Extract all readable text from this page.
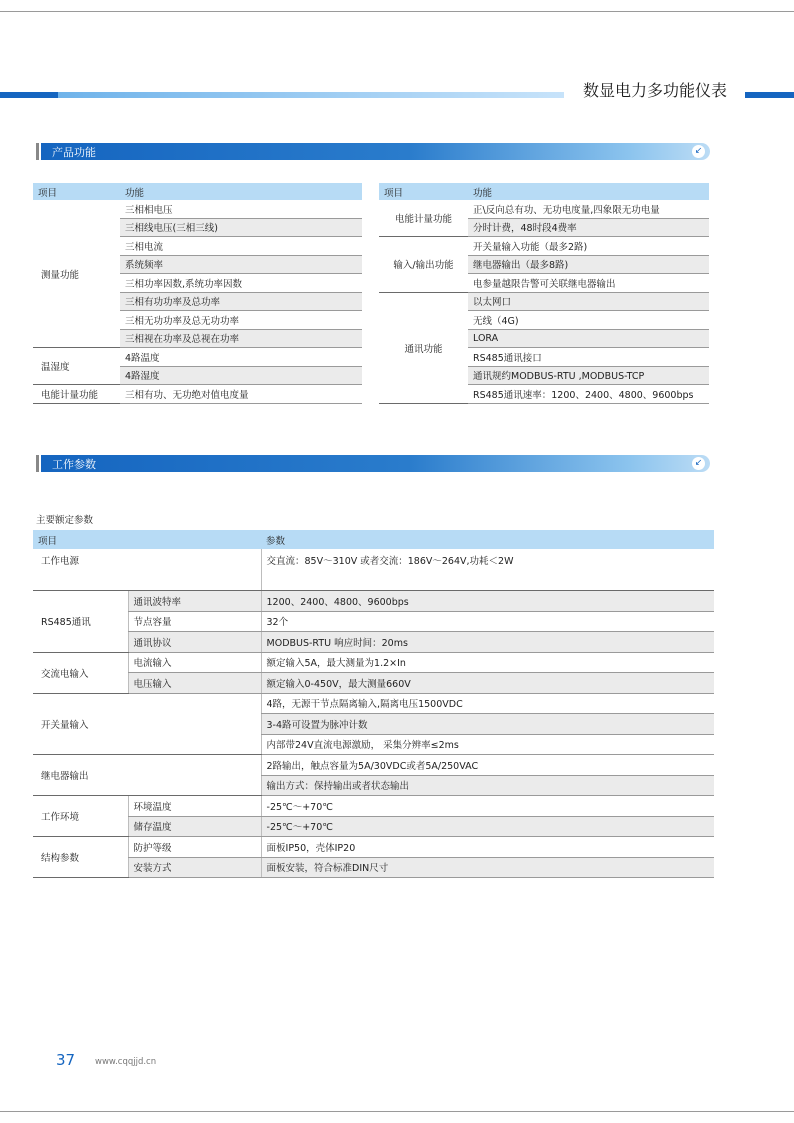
数显电力多功能仪表
产品功能	↙
项目	功能
测量功能	三相相电压
	三相线电压(三相三线)
	三相电流
	系统频率
	三相功率因数,系统功率因数
	三相有功功率及总功率
	三相无功功率及总无功功率
	三相视在功率及总视在功率
温湿度	4路温度
	4路湿度
电能计量功能	三相有功、无功绝对值电度量
项目	功能
电能计量功能	正\反向总有功、无功电度量,四象限无功电量
	分时计费，48时段4费率
输入/输出功能	开关量输入功能（最多2路)
	继电器输出（最多8路)
	电参量越限告警可关联继电器输出
通讯功能	以太网口
	无线（4G)
	LORA
	RS485通讯接口
	通讯规约MODBUS-RTU ,MODBUS-TCP
	RS485通讯速率：1200、2400、4800、9600bps
工作参数	↙
主要额定参数
项目		参数
工作电源		交直流：85V～310V 或者交流：186V～264V,功耗＜2W
RS485通讯	通讯波特率	1200、2400、4800、9600bps
	节点容量	32个
	通讯协议	MODBUS-RTU 响应时间：20ms
交流电输入	电流输入	额定输入5A，最大测量为1.2×In
	电压输入	额定输入0-450V，最大测量660V
开关量输入		4路，无源干节点隔离输入,隔离电压1500VDC
		3-4路可设置为脉冲计数
		内部带24V直流电源激励， 采集分辨率≤2ms
继电器输出		2路输出，触点容量为5A/30VDC或者5A/250VAC
		输出方式：保持输出或者状态输出
工作环境	环境温度	-25℃～+70℃
	储存温度	-25℃～+70℃
结构参数	防护等级	面板IP50，壳体IP20
	安装方式	面板安装，符合标准DIN尺寸
37 www.cqqjjd.cn
